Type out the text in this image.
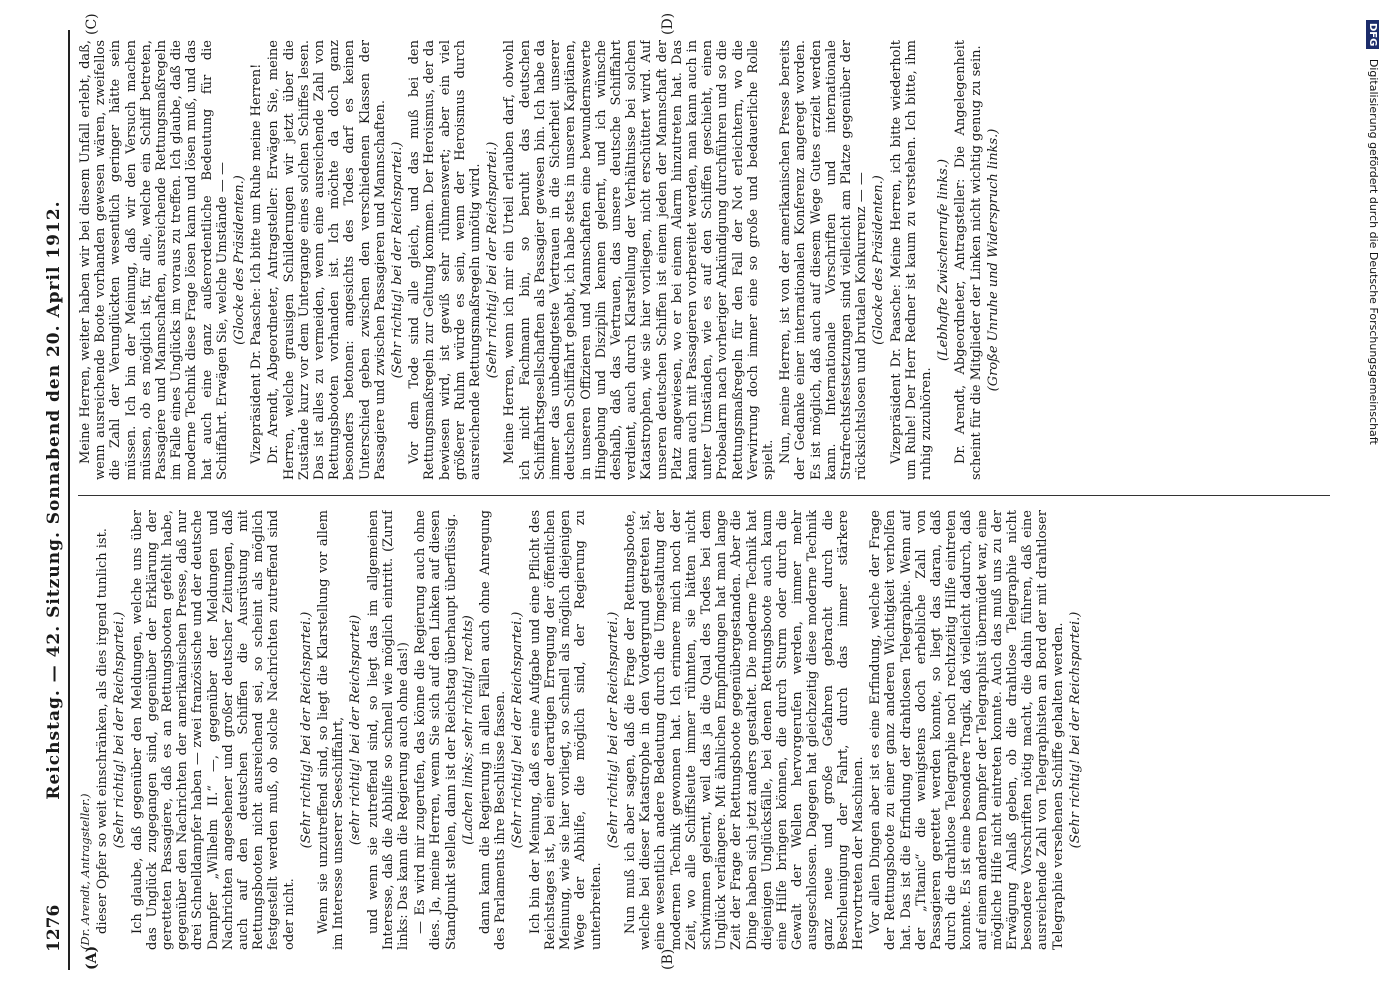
1276
Reichstag. — 42. Sitzung. Sonnabend den 20. April 1912.
(A)	(B)
(C)	(D)

(Dr. Arendt, Antragsteller.) dieser Opfer so weit einschränken, als dies irgend tunlich ist. (Sehr richtig! bei der Reichspartei.) Ich glaube, daß gegenüber den Meldungen, welche uns über das Unglück zugegangen sind, gegenüber der Erklärung der geretteten Passagiere, daß es an Rettungsbooten gefehlt habe, gegenüber den Nachrichten der amerikanischen Presse, daß nur drei Schnelldampfer haben — zwei französische und der deutsche Dampfer „Wilhelm II.“ —, gegenüber der Meldungen und Nachrichten angesehener und großer deutscher Zeitungen, daß auch auf den deutschen Schiffen die Ausrüstung mit Rettungsbooten nicht ausreichend sei, so scheint als möglich festgestellt werden muß, ob solche Nachrichten zutreffend sind oder nicht.

(Sehr richtig! bei der Reichspartei.) Wenn sie unzutreffend sind, so liegt die Klarstellung vor allem im Interesse unserer Seeschiffahrt, (sehr richtig! bei der Reichspartei) und wenn sie zutreffend sind, so liegt das im allgemeinen Interesse, daß die Abhilfe so schnell wie möglich eintritt. (Zuruf links: Das kann die Regierung auch ohne das!) — Es wird mir zugerufen, das könne die Regierung auch ohne dies. Ja, meine Herren, wenn Sie sich auf den Linken auf diesen Standpunkt stellen, dann ist der Reichstag überhaupt überflüssig. (Lachen links; sehr richtig! rechts) dann kann die Regierung in allen Fällen auch ohne Anregung des Parlaments ihre Beschlüsse fassen. (Sehr richtig! bei der Reichspartei.) Ich bin der Meinung, daß es eine Aufgabe und eine Pflicht des Reichstages ist, bei einer derartigen Erregung der öffentlichen Meinung, wie sie hier vorliegt, so schnell als möglich diejenigen Wege der Abhilfe, die möglich sind, der Regierung zu unterbreiten.

(Sehr richtig! bei der Reichspartei.) Nun muß ich aber sagen, daß die Frage der Rettungsboote, welche bei dieser Katastrophe in den Vordergrund getreten ist, eine wesentlich andere Bedeutung durch die Umgestaltung der modernen Technik gewonnen hat. Ich erinnere mich noch der Zeit, wo alle Schiffsleute immer rühmten, sie hätten nicht schwimmen gelernt, weil das ja die Qual des Todes bei dem Unglück verlängere. Mit ähnlichen Empfindungen hat man lange Zeit der Frage der Rettungsboote gegenübergestanden. Aber die Dinge haben sich jetzt anders gestaltet. Die moderne Technik hat diejenigen Unglücksfälle, bei denen Rettungsboote auch kaum eine Hilfe bringen können, die durch Sturm oder durch die Gewalt der Wellen hervorgerufen werden, immer mehr ausgeschlossen. Dagegen hat gleichzeitig diese moderne Technik ganz neue und große Gefahren gebracht durch die Beschleunigung der Fahrt, durch das immer stärkere Hervortreten der Maschinen. Vor allen Dingen aber ist es eine Erfindung, welche der Frage der Rettungsboote zu einer ganz anderen Wichtigkeit verholfen hat. Das ist die Erfindung der drahtlosen Telegraphie. Wenn auf der „Titanic“ die wenigstens doch erhebliche Zahl von Passagieren gerettet werden konnte, so liegt das daran, daß durch die drahtlose Telegraphie noch rechtzeitig Hilfe eintreten konnte. Es ist eine besondere Tragik, daß vielleicht dadurch, daß auf einem anderen Dampfer der Telegraphist übermüdet war, eine mögliche Hilfe nicht eintreten konnte. Auch das muß uns zu der Erwägung Anlaß geben, ob die drahtlose Telegraphie nicht besondere Vorschriften nötig macht, die dahin führen, daß eine ausreichende Zahl von Telegraphisten an Bord der mit drahtloser Telegraphie versehenen Schiffe gehalten werden. (Sehr richtig! bei der Reichspartei.)

Meine Herren, weiter haben wir bei diesem Unfall erlebt, daß, wenn ausreichende Boote vorhanden gewesen wären, zweifellos die Zahl der Verunglückten wesentlich geringer hätte sein müssen. Ich bin der Meinung, daß wir den Versuch machen müssen, ob es möglich ist, für alle, welche ein Schiff betreten, Passagiere und Mannschaften, ausreichende Rettungsmaßregeln im Falle eines Unglücks im voraus zu treffen. Ich glaube, daß die moderne Technik diese Frage lösen kann und lösen muß, und das hat auch eine ganz außerordentliche Bedeutung für die Schiffahrt. Erwägen Sie, welche Umstände — — (Glocke des Präsidenten.) Vizepräsident Dr. Paasche: Ich bitte um Ruhe meine Herren! Dr. Arendt, Abgeordneter, Antragsteller: Erwägen Sie, meine Herren, welche grausigen Schilderungen wir jetzt über die Zustände kurz vor dem Untergange eines solchen Schiffes lesen. Das ist alles zu vermeiden, wenn eine ausreichende Zahl von Rettungsbooten vorhanden ist. Ich möchte da doch ganz besonders betonen: angesichts des Todes darf es keinen Unterschied geben zwischen den verschiedenen Klassen der Passagiere und zwischen Passagieren und Mannschaften. (Sehr richtig! bei der Reichspartei.) Vor dem Tode sind alle gleich, und das muß bei den Rettungsmaßregeln zur Geltung kommen. Der Heroismus, der da bewiesen wird, ist gewiß sehr rühmenswert; aber ein viel größerer Ruhm würde es sein, wenn der Heroismus durch ausreichende Rettungsmaßregeln unnötig wird. (Sehr richtig! bei der Reichspartei.) Meine Herren, wenn ich mir ein Urteil erlauben darf, obwohl ich nicht Fachmann bin, so beruht das deutschen Schiffahrtsgesellschaften als Passagier gewesen bin. Ich habe da immer das unbedingteste Vertrauen in die Sicherheit unserer deutschen Schiffahrt gehabt, ich habe stets in unseren Kapitänen, in unseren Offizieren und Mannschaften eine bewundernswerte Hingebung und Disziplin kennen gelernt, und ich wünsche deshalb, daß das Vertrauen, das unsere deutsche Schiffahrt verdient, auch durch Klarstellung der Verhältnisse bei solchen Katastrophen, wie sie hier vorliegen, nicht erschüttert wird. Auf unseren deutschen Schiffen ist einem jeden der Mannschaft der Platz angewiesen, wo er bei einem Alarm hinzutreten hat. Das kann auch mit Passagieren vorbereitet werden, man kann auch in unter Umständen, wie es auf den Schiffen geschieht, einen Probealarm nach vorheriger Ankündigung durchführen und so die Rettungsmaßregeln für den Fall der Not erleichtern, wo die Verwirrung doch immer eine so große und bedauerliche Rolle spielt. Nun, meine Herren, ist von der amerikanischen Presse bereits der Gedanke einer internationalen Konferenz angeregt worden. Es ist möglich, daß auch auf diesem Wege Gutes erzielt werden kann. Internationale Vorschriften und internationale Strafrechtsfestsetzungen sind vielleicht am Platze gegenüber der rücksichtslosen und brutalen Konkurrenz — — (Glocke des Präsidenten.) Vizepräsident Dr. Paasche: Meine Herren, ich bitte wiederholt um Ruhe! Der Herr Redner ist kaum zu verstehen. Ich bitte, ihm ruhig zuzuhören.

(Lebhafte Zwischenrufe links.) Dr. Arendt, Abgeordneter, Antragsteller: Die Angelegenheit scheint für die Mitglieder der Linken nicht wichtig genug zu sein. (Große Unruhe und Widerspruch links.)

DFG Digitalisierung gefördert durch die Deutsche Forschungsgemeinschaft
